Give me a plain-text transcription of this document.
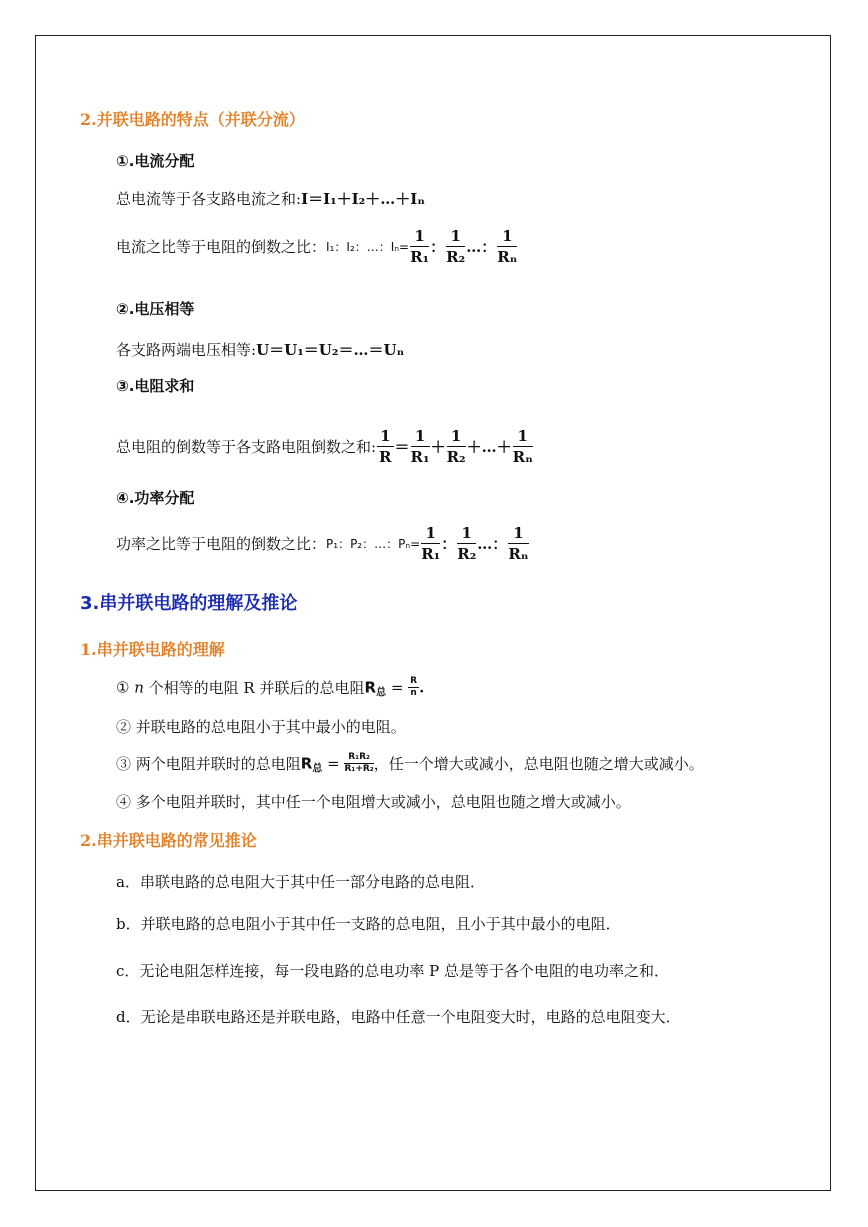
2.并联电路的特点（并联分流）
①.电流分配
总电流等于各支路电流之和:I＝I₁＋I₂＋…＋Iₙ
电流之比等于电阻的倒数之比：I₁：I₂：…：$I_n= \frac{1}{\text{R₁}}$ ： $\frac{1}{\text{R₂}}$ …： $\frac{1}{\text{Rₙ}}$
②.电压相等
各支路两端电压相等:U＝U₁＝U₂＝…＝Uₙ
③.电阻求和
总电阻的倒数等于各支路电阻倒数之和: $\frac{1}{R} = \frac{1}{\text{R₁}} + \frac{1}{\text{R₂}}$ ＋…＋ $\frac{1}{\text{Rₙ}}$
④.功率分配
功率之比等于电阻的倒数之比：P₁：P₂：…：$P_n= \frac{1}{\text{R₁}}$ ： $\frac{1}{\text{R₂}}$ …： $\frac{1}{\text{Rₙ}}$
3.串并联电路的理解及推论
1.串并联电路的理解
① n 个相等的电阻 R 并联后的总电阻$R_总 = \frac{R}{n}$ .
② 并联电路的总电阻小于其中最小的电阻。
③ 两个电阻并联时的总电阻$R_总 = \frac{\text{R₁R₂}}{\text{R₁+R₂}}$ ，任一个增大或减小，总电阻也随之增大或减小。
④ 多个电阻并联时，其中任一个电阻增大或减小，总电阻也随之增大或减小。
2.串并联电路的常见推论
a．串联电路的总电阻大于其中任一部分电路的总电阻．
b．并联电路的总电阻小于其中任一支路的总电阻，且小于其中最小的电阻．
c．无论电阻怎样连接，每一段电路的总电功率 P 总是等于各个电阻的电功率之和．
d．无论是串联电路还是并联电路，电路中任意一个电阻变大时，电路的总电阻变大．
